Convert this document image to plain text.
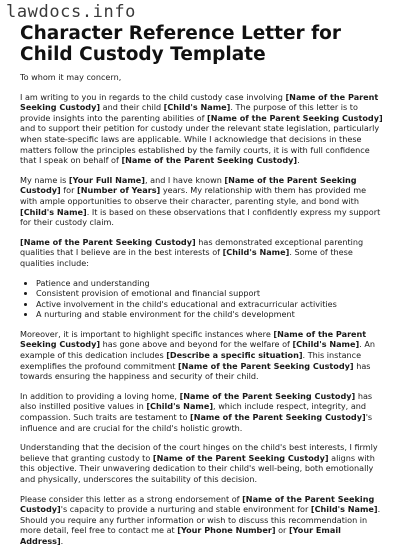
lawdocs.info
Character Reference Letter for Child Custody Template

To whom it may concern,

I am writing to you in regards to the child custody case involving [Name of the Parent Seeking Custody] and their child [Child's Name]. The purpose of this letter is to provide insights into the parenting abilities of [Name of the Parent Seeking Custody] and to support their petition for custody under the relevant state legislation, particularly when state-specific laws are applicable. While I acknowledge that decisions in these matters follow the principles established by the family courts, it is with full confidence that I speak on behalf of [Name of the Parent Seeking Custody].

My name is [Your Full Name], and I have known [Name of the Parent Seeking Custody] for [Number of Years] years. My relationship with them has provided me with ample opportunities to observe their character, parenting style, and bond with [Child's Name]. It is based on these observations that I confidently express my support for their custody claim.

[Name of the Parent Seeking Custody] has demonstrated exceptional parenting qualities that I believe are in the best interests of [Child's Name]. Some of these qualities include:

• Patience and understanding
• Consistent provision of emotional and financial support
• Active involvement in the child's educational and extracurricular activities
• A nurturing and stable environment for the child's development

Moreover, it is important to highlight specific instances where [Name of the Parent Seeking Custody] has gone above and beyond for the welfare of [Child's Name]. An example of this dedication includes [Describe a specific situation]. This instance exemplifies the profound commitment [Name of the Parent Seeking Custody] has towards ensuring the happiness and security of their child.

In addition to providing a loving home, [Name of the Parent Seeking Custody] has also instilled positive values in [Child's Name], which include respect, integrity, and compassion. Such traits are testament to [Name of the Parent Seeking Custody]'s influence and are crucial for the child's holistic growth.

Understanding that the decision of the court hinges on the child's best interests, I firmly believe that granting custody to [Name of the Parent Seeking Custody] aligns with this objective. Their unwavering dedication to their child's well-being, both emotionally and physically, underscores the suitability of this decision.

Please consider this letter as a strong endorsement of [Name of the Parent Seeking Custody]'s capacity to provide a nurturing and stable environment for [Child's Name]. Should you require any further information or wish to discuss this recommendation in more detail, feel free to contact me at [Your Phone Number] or [Your Email Address].
